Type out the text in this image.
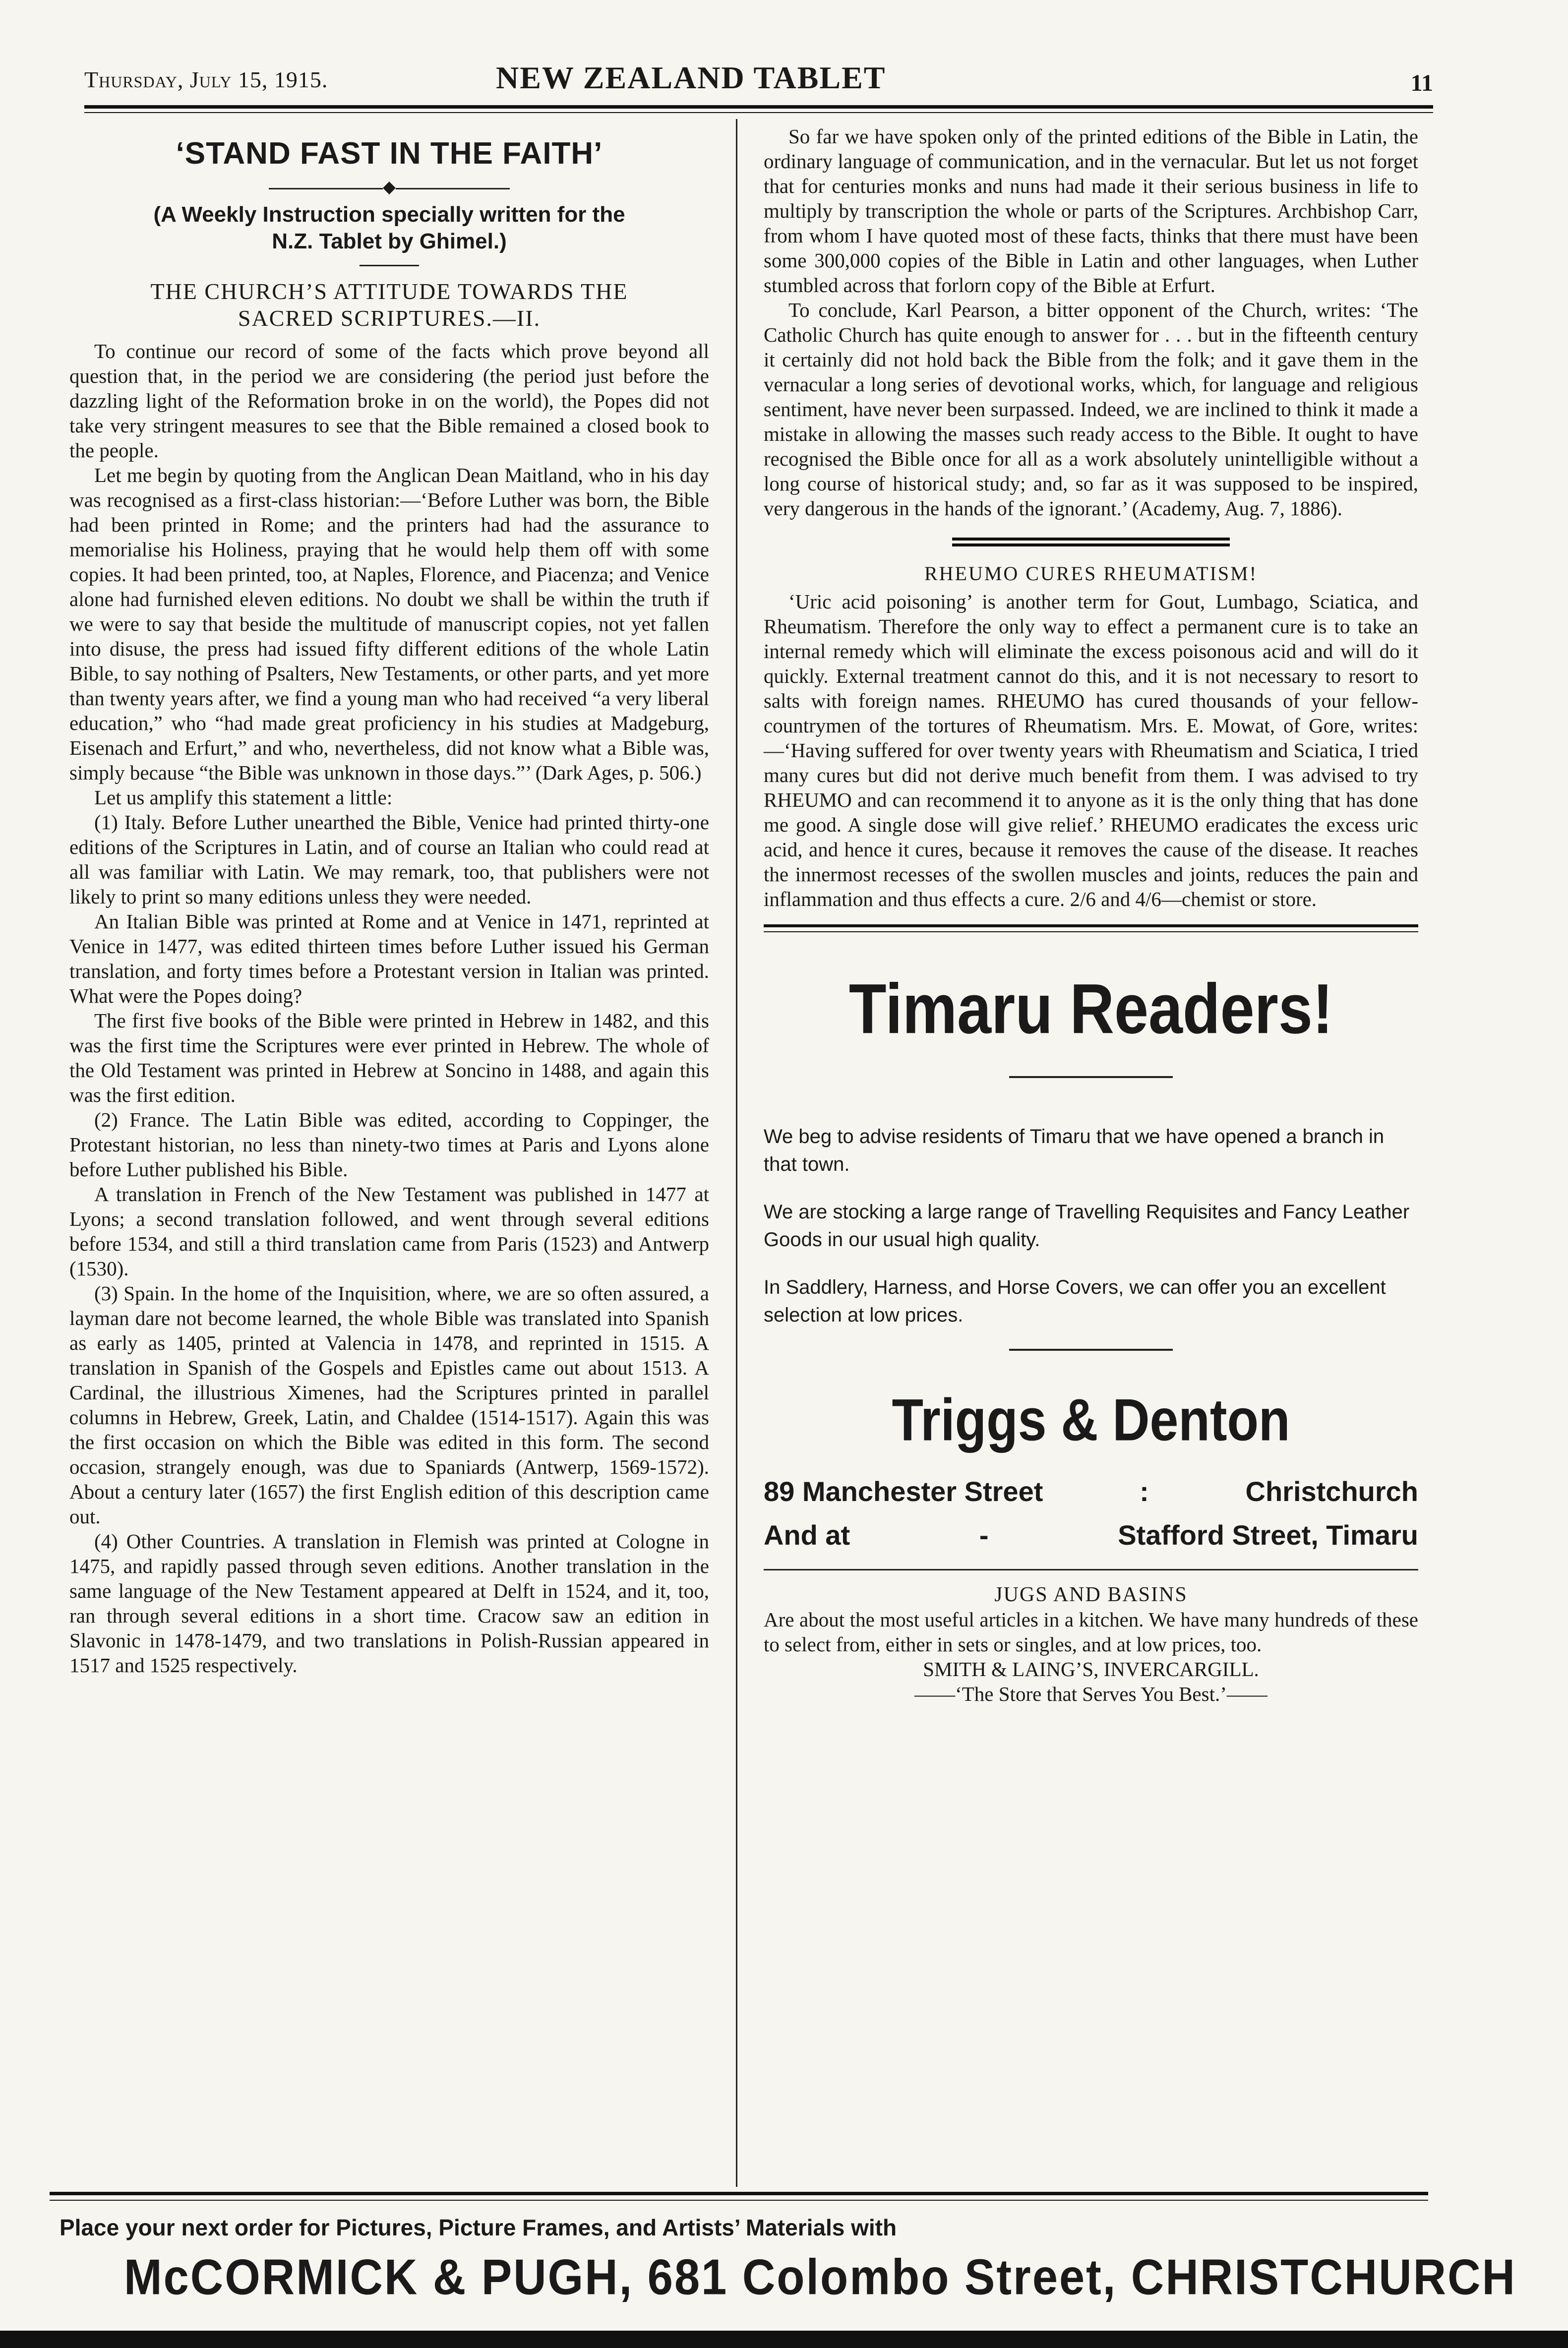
Thursday, July 15, 1915.	NEW ZEALAND TABLET	11
‘STAND FAST IN THE FAITH’
◆
(A Weekly Instruction specially written for the
N.Z. Tablet by Ghimel.)
THE CHURCH’S ATTITUDE TOWARDS THE
SACRED SCRIPTURES.—II.

To continue our record of some of the facts which prove beyond all question that, in the period we are considering (the period just before the dazzling light of the Reformation broke in on the world), the Popes did not take very stringent measures to see that the Bible remained a closed book to the people.

Let me begin by quoting from the Anglican Dean Maitland, who in his day was recognised as a first-class historian:—‘Before Luther was born, the Bible had been printed in Rome; and the printers had had the assurance to memorialise his Holiness, praying that he would help them off with some copies. It had been printed, too, at Naples, Florence, and Piacenza; and Venice alone had furnished eleven editions. No doubt we shall be within the truth if we were to say that beside the multitude of manuscript copies, not yet fallen into disuse, the press had issued fifty different editions of the whole Latin Bible, to say nothing of Psalters, New Testaments, or other parts, and yet more than twenty years after, we find a young man who had received “a very liberal education,” who “had made great proficiency in his studies at Madgeburg, Eisenach and Erfurt,” and who, nevertheless, did not know what a Bible was, simply because “the Bible was unknown in those days.”’ (Dark Ages, p. 506.)

Let us amplify this statement a little:

(1) Italy. Before Luther unearthed the Bible, Venice had printed thirty-one editions of the Scriptures in Latin, and of course an Italian who could read at all was familiar with Latin. We may remark, too, that publishers were not likely to print so many editions unless they were needed.

An Italian Bible was printed at Rome and at Venice in 1471, reprinted at Venice in 1477, was edited thirteen times before Luther issued his German translation, and forty times before a Protestant version in Italian was printed. What were the Popes doing?

The first five books of the Bible were printed in Hebrew in 1482, and this was the first time the Scriptures were ever printed in Hebrew. The whole of the Old Testament was printed in Hebrew at Soncino in 1488, and again this was the first edition.

(2) France. The Latin Bible was edited, according to Coppinger, the Protestant historian, no less than ninety-two times at Paris and Lyons alone before Luther published his Bible.

A translation in French of the New Testament was published in 1477 at Lyons; a second translation followed, and went through several editions before 1534, and still a third translation came from Paris (1523) and Antwerp (1530).

(3) Spain. In the home of the Inquisition, where, we are so often assured, a layman dare not become learned, the whole Bible was translated into Spanish as early as 1405, printed at Valencia in 1478, and reprinted in 1515. A translation in Spanish of the Gospels and Epistles came out about 1513. A Cardinal, the illustrious Ximenes, had the Scriptures printed in parallel columns in Hebrew, Greek, Latin, and Chaldee (1514-1517). Again this was the first occasion on which the Bible was edited in this form. The second occasion, strangely enough, was due to Spaniards (Antwerp, 1569-1572). About a century later (1657) the first English edition of this description came out.

(4) Other Countries. A translation in Flemish was printed at Cologne in 1475, and rapidly passed through seven editions. Another translation in the same language of the New Testament appeared at Delft in 1524, and it, too, ran through several editions in a short time. Cracow saw an edition in Slavonic in 1478-1479, and two translations in Polish-Russian appeared in 1517 and 1525 respectively.

So far we have spoken only of the printed editions of the Bible in Latin, the ordinary language of communication, and in the vernacular. But let us not forget that for centuries monks and nuns had made it their serious business in life to multiply by transcription the whole or parts of the Scriptures. Archbishop Carr, from whom I have quoted most of these facts, thinks that there must have been some 300,000 copies of the Bible in Latin and other languages, when Luther stumbled across that forlorn copy of the Bible at Erfurt.

To conclude, Karl Pearson, a bitter opponent of the Church, writes: ‘The Catholic Church has quite enough to answer for . . . but in the fifteenth century it certainly did not hold back the Bible from the folk; and it gave them in the vernacular a long series of devotional works, which, for language and religious sentiment, have never been surpassed. Indeed, we are inclined to think it made a mistake in allowing the masses such ready access to the Bible. It ought to have recognised the Bible once for all as a work absolutely unintelligible without a long course of historical study; and, so far as it was supposed to be inspired, very dangerous in the hands of the ignorant.’ (Academy, Aug. 7, 1886).

RHEUMO CURES RHEUMATISM!

‘Uric acid poisoning’ is another term for Gout, Lumbago, Sciatica, and Rheumatism. Therefore the only way to effect a permanent cure is to take an internal remedy which will eliminate the excess poisonous acid and will do it quickly. External treatment cannot do this, and it is not necessary to resort to salts with foreign names. RHEUMO has cured thousands of your fellow-countrymen of the tortures of Rheumatism. Mrs. E. Mowat, of Gore, writes:—‘Having suffered for over twenty years with Rheumatism and Sciatica, I tried many cures but did not derive much benefit from them. I was advised to try RHEUMO and can recommend it to anyone as it is the only thing that has done me good. A single dose will give relief.’ RHEUMO eradicates the excess uric acid, and hence it cures, because it removes the cause of the disease. It reaches the innermost recesses of the swollen muscles and joints, reduces the pain and inflammation and thus effects a cure. 2/6 and 4/6—chemist or store.

Timaru Readers!

We beg to advise residents of Timaru that we have opened a branch in that town.

We are stocking a large range of Travelling Requisites and Fancy Leather Goods in our usual high quality.

In Saddlery, Harness, and Horse Covers, we can offer you an excellent selection at low prices.

Triggs & Denton
89 Manchester Street	:	Christchurch
And at	-	Stafford Street, Timaru
JUGS AND BASINS

Are about the most useful articles in a kitchen. We have many hundreds of these to select from, either in sets or singles, and at low prices, too.

SMITH & LAING’S, INVERCARGILL.

——‘The Store that Serves You Best.’——

Place your next order for Pictures, Picture Frames, and Artists’ Materials with
McCORMICK & PUGH, 681 Colombo Street, CHRISTCHURCH
